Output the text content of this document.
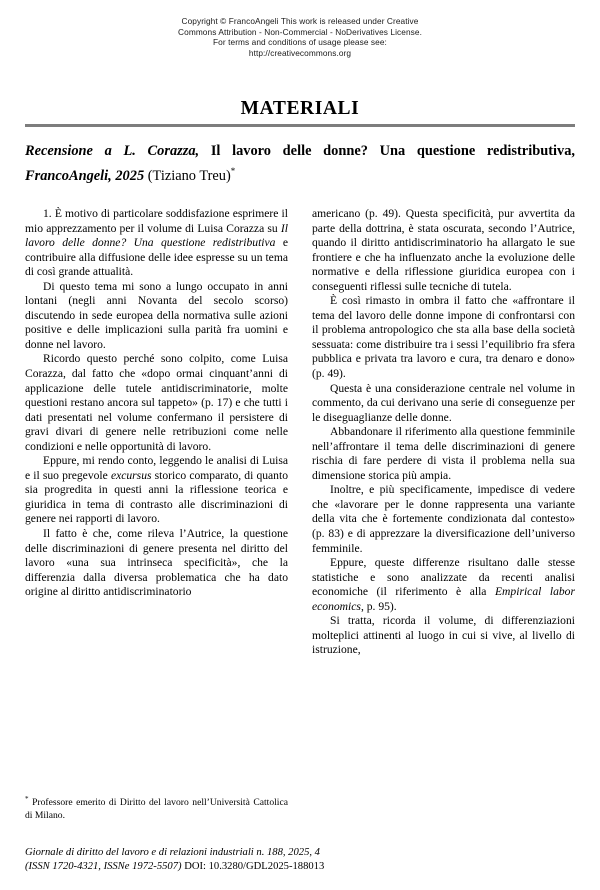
Copyright © FrancoAngeli This work is released under Creative
Commons Attribution - Non-Commercial - NoDerivatives License.
For terms and conditions of usage please see:
http://creativecommons.org
MATERIALI
Recensione a L. Corazza, Il lavoro delle donne? Una questione redistributiva, FrancoAngeli, 2025 (Tiziano Treu)*

1. È motivo di particolare soddisfazione esprimere il mio apprezzamento per il volume di Luisa Corazza su Il lavoro delle donne? Una questione redistributiva e contribuire alla diffusione delle idee espresse su un tema di così grande attualità.

Di questo tema mi sono a lungo occupato in anni lontani (negli anni Novanta del secolo scorso) discutendo in sede europea della normativa sulle azioni positive e delle implicazioni sulla parità fra uomini e donne nel lavoro.

Ricordo questo perché sono colpito, come Luisa Corazza, dal fatto che «dopo ormai cinquant’anni di applicazione delle tutele antidiscriminatorie, molte questioni restano ancora sul tappeto» (p. 17) e che tutti i dati presentati nel volume confermano il persistere di gravi divari di genere nelle retribuzioni come nelle condizioni e nelle opportunità di lavoro.

Eppure, mi rendo conto, leggendo le analisi di Luisa e il suo pregevole excursus storico comparato, di quanto sia progredita in questi anni la riflessione teorica e giuridica in tema di contrasto alle discriminazioni di genere nei rapporti di lavoro.

Il fatto è che, come rileva l’Autrice, la questione delle discriminazioni di genere presenta nel diritto del lavoro «una sua intrinseca specificità», che la differenzia dalla diversa problematica che ha dato origine al diritto antidiscriminatorio

americano (p. 49). Questa specificità, pur avvertita da parte della dottrina, è stata oscurata, secondo l’Autrice, quando il diritto antidiscriminatorio ha allargato le sue frontiere e che ha influenzato anche la evoluzione delle normative e della riflessione giuridica europea con i conseguenti riflessi sulle tecniche di tutela.

È così rimasto in ombra il fatto che «affrontare il tema del lavoro delle donne impone di confrontarsi con il problema antropologico che sta alla base della società sessuata: come distribuire tra i sessi l’equilibrio fra sfera pubblica e privata tra lavoro e cura, tra denaro e dono» (p. 49).

Questa è una considerazione centrale nel volume in commento, da cui derivano una serie di conseguenze per le diseguaglianze delle donne.

Abbandonare il riferimento alla questione femminile nell’affrontare il tema delle discriminazioni di genere rischia di fare perdere di vista il problema nella sua dimensione storica più ampia.

Inoltre, e più specificamente, impedisce di vedere che «lavorare per le donne rappresenta una variante della vita che è fortemente condizionata dal contesto» (p. 83) e di apprezzare la diversificazione dell’universo femminile.

Eppure, queste differenze risultano dalle stesse statistiche e sono analizzate da recenti analisi economiche (il riferimento è alla Empirical labor economics, p. 95).

Si tratta, ricorda il volume, di differenziazioni molteplici attinenti al luogo in cui si vive, al livello di istruzione,

* Professore emerito di Diritto del lavoro nell’Università Cattolica di Milano.
Giornale di diritto del lavoro e di relazioni industriali n. 188, 2025, 4
(ISSN 1720-4321, ISSNe 1972-5507) DOI: 10.3280/GDL2025-188013
